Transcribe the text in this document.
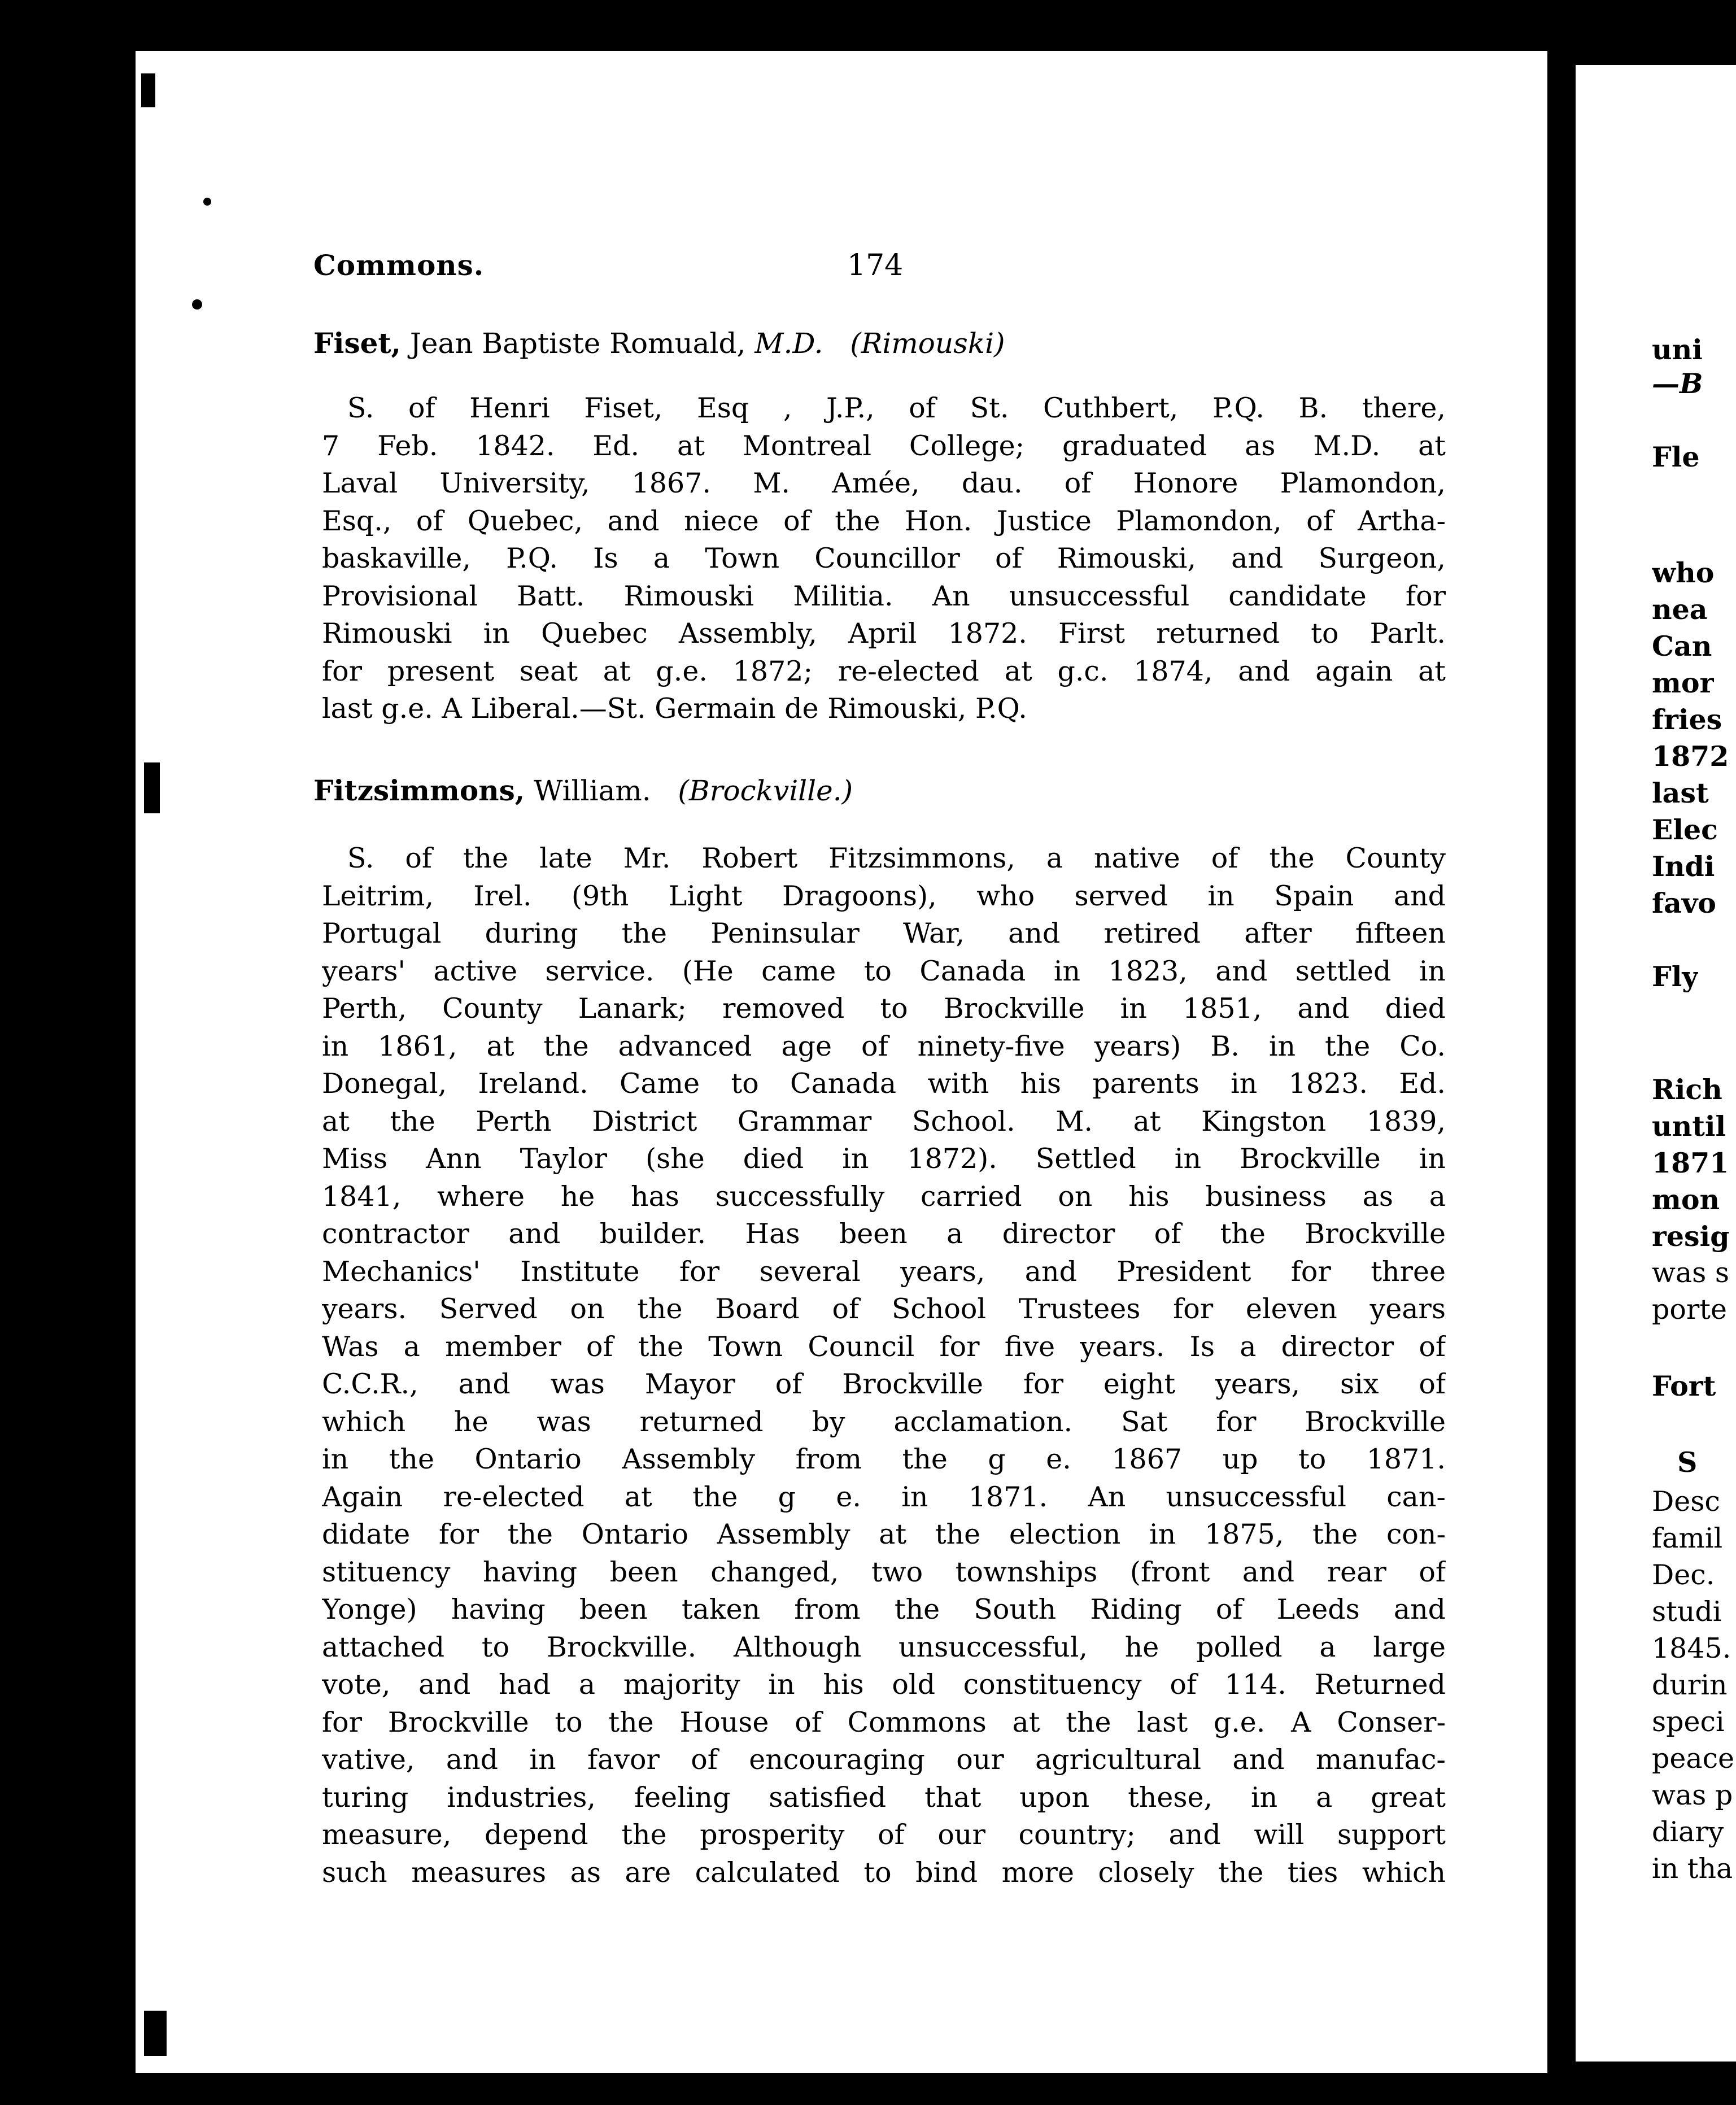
Commons.	174
Fiset, Jean Baptiste Romuald, M.D. (Rimouski)
S. of Henri Fiset, Esq , J.P., of St. Cuthbert, P.Q. B. there,
7 Feb. 1842. Ed. at Montreal College; graduated as M.D. at
Laval University, 1867. M. Amée, dau. of Honore Plamondon,
Esq., of Quebec, and niece of the Hon. Justice Plamondon, of Artha-
baskaville, P.Q. Is a Town Councillor of Rimouski, and Surgeon,
Provisional Batt. Rimouski Militia. An unsuccessful candidate for
Rimouski in Quebec Assembly, April 1872. First returned to Parlt.
for present seat at g.e. 1872; re-elected at g.c. 1874, and again at
last g.e. A Liberal.—St. Germain de Rimouski, P.Q.
Fitzsimmons, William. (Brockville.)
S. of the late Mr. Robert Fitzsimmons, a native of the County
Leitrim, Irel. (9th Light Dragoons), who served in Spain and
Portugal during the Peninsular War, and retired after fifteen
years' active service. (He came to Canada in 1823, and settled in
Perth, County Lanark; removed to Brockville in 1851, and died
in 1861, at the advanced age of ninety-five years) B. in the Co.
Donegal, Ireland. Came to Canada with his parents in 1823. Ed.
at the Perth District Grammar School. M. at Kingston 1839,
Miss Ann Taylor (she died in 1872). Settled in Brockville in
1841, where he has successfully carried on his business as a
contractor and builder. Has been a director of the Brockville
Mechanics' Institute for several years, and President for three
years. Served on the Board of School Trustees for eleven years
Was a member of the Town Council for five years. Is a director of
C.C.R., and was Mayor of Brockville for eight years, six of
which he was returned by acclamation. Sat for Brockville
in the Ontario Assembly from the g e. 1867 up to 1871.
Again re-elected at the g e. in 1871. An unsuccessful can-
didate for the Ontario Assembly at the election in 1875, the con-
stituency having been changed, two townships (front and rear of
Yonge) having been taken from the South Riding of Leeds and
attached to Brockville. Although unsuccessful, he polled a large
vote, and had a majority in his old constituency of 114. Returned
for Brockville to the House of Commons at the last g.e. A Conser-
vative, and in favor of encouraging our agricultural and manufac-
turing industries, feeling satisfied that upon these, in a great
measure, depend the prosperity of our country; and will support
such measures as are calculated to bind more closely the ties which
uni
—B
Fle
who
nea
Can
mor
fries
1872
last
Elec
Indi
favo
Fly
Rich
until
1871
mon
resig
was s
porte
Fort
S
Desc
famil
Dec.
studi
1845.
durin
speci
peace
was p
diary
in tha
